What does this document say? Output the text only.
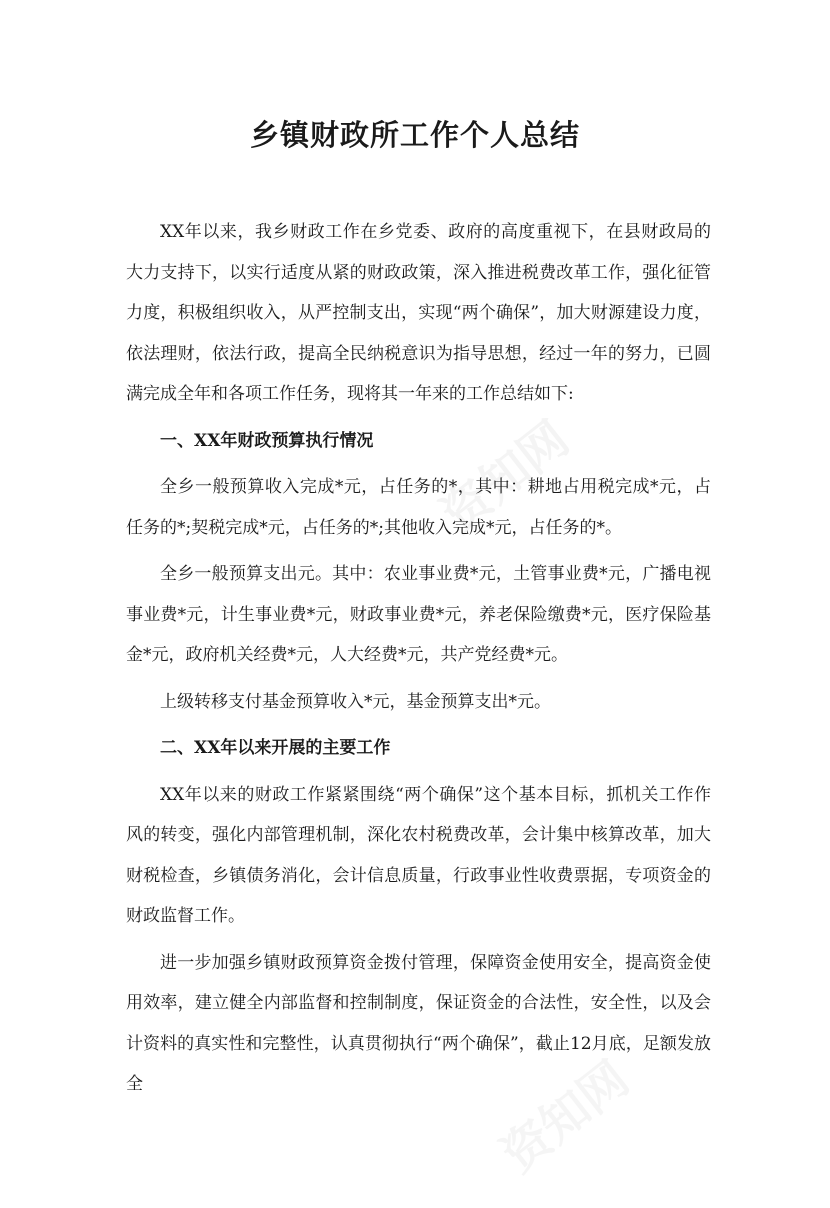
资知网
资知网
乡镇财政所工作个人总结

XX年以来，我乡财政工作在乡党委、政府的高度重视下，在县财政局的大力支持下，以实行适度从紧的财政政策，深入推进税费改革工作，强化征管力度，积极组织收入，从严控制支出，实现“两个确保”，加大财源建设力度，依法理财，依法行政，提高全民纳税意识为指导思想，经过一年的努力，已圆满完成全年和各项工作任务，现将其一年来的工作总结如下:

一、XX年财政预算执行情况

全乡一般预算收入完成*元，占任务的*，其中：耕地占用税完成*元，占任务的*;契税完成*元，占任务的*;其他收入完成*元，占任务的*。

全乡一般预算支出元。其中：农业事业费*元，土管事业费*元，广播电视事业费*元，计生事业费*元，财政事业费*元，养老保险缴费*元，医疗保险基金*元，政府机关经费*元，人大经费*元，共产党经费*元。

上级转移支付基金预算收入*元，基金预算支出*元。

二、XX年以来开展的主要工作

XX年以来的财政工作紧紧围绕“两个确保”这个基本目标，抓机关工作作风的转变，强化内部管理机制，深化农村税费改革，会计集中核算改革，加大财税检查，乡镇债务消化，会计信息质量，行政事业性收费票据，专项资金的财政监督工作。

进一步加强乡镇财政预算资金拨付管理，保障资金使用安全，提高资金使用效率，建立健全内部监督和控制制度，保证资金的合法性，安全性，以及会计资料的真实性和完整性，认真贯彻执行“两个确保”，截止12月底，足额发放全
